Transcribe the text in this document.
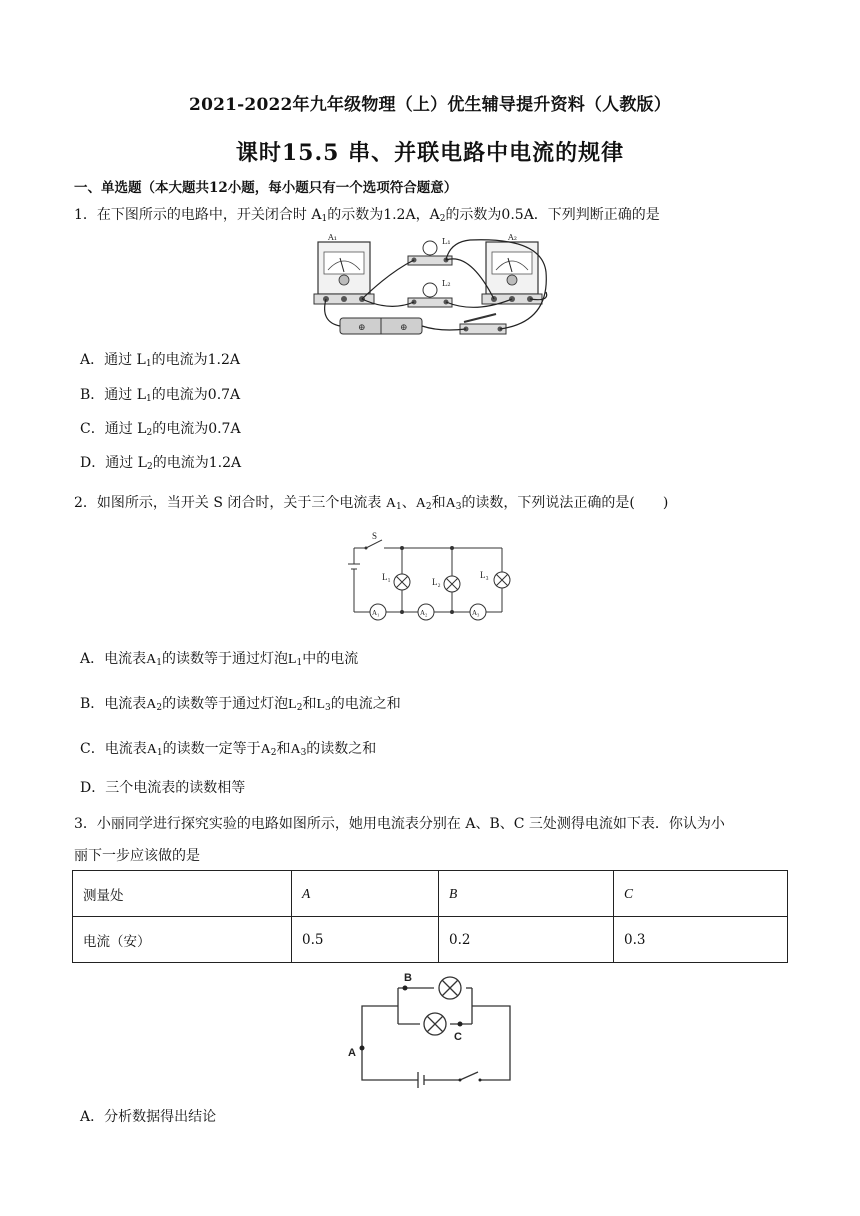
2021-2022年九年级物理（上）优生辅导提升资料（人教版）
课时15.5 串、并联电路中电流的规律
一、单选题（本大题共12小题，每小题只有一个选项符合题意）
1．在下图所示的电路中，开关闭合时 $A_1$的示数为1.2A，$A_2$的示数为0.5A．下列判断正确的是
A₁	A₂
L₁
L₂
⊕	⊕
A．通过 $L_1$的电流为1.2A
B．通过 $L_1$的电流为0.7A
C．通过 $L_2$的电流为0.7A
D．通过 $L_2$的电流为1.2A
2．如图所示，当开关 S 闭合时，关于三个电流表 $A_1$、$A_2$和$A_3$的读数，下列说法正确的是(　　)
S
L₁	L₂
L₃
A₁	A₂	A₃
A．电流表$A_1$的读数等于通过灯泡$L_1$中的电流
B．电流表$A_2$的读数等于通过灯泡$L_2$和$L_3$的电流之和
C．电流表$A_1$的读数一定等于$A_2$和$A_3$的读数之和
D．三个电流表的读数相等
3．小丽同学进行探究实验的电路如图所示，她用电流表分别在 A、B、C 三处测得电流如下表．你认为小
丽下一步应该做的是
测量处	A	B	C
电流（安）	0.5	0.2	0.3
B
C
A
A．分析数据得出结论
